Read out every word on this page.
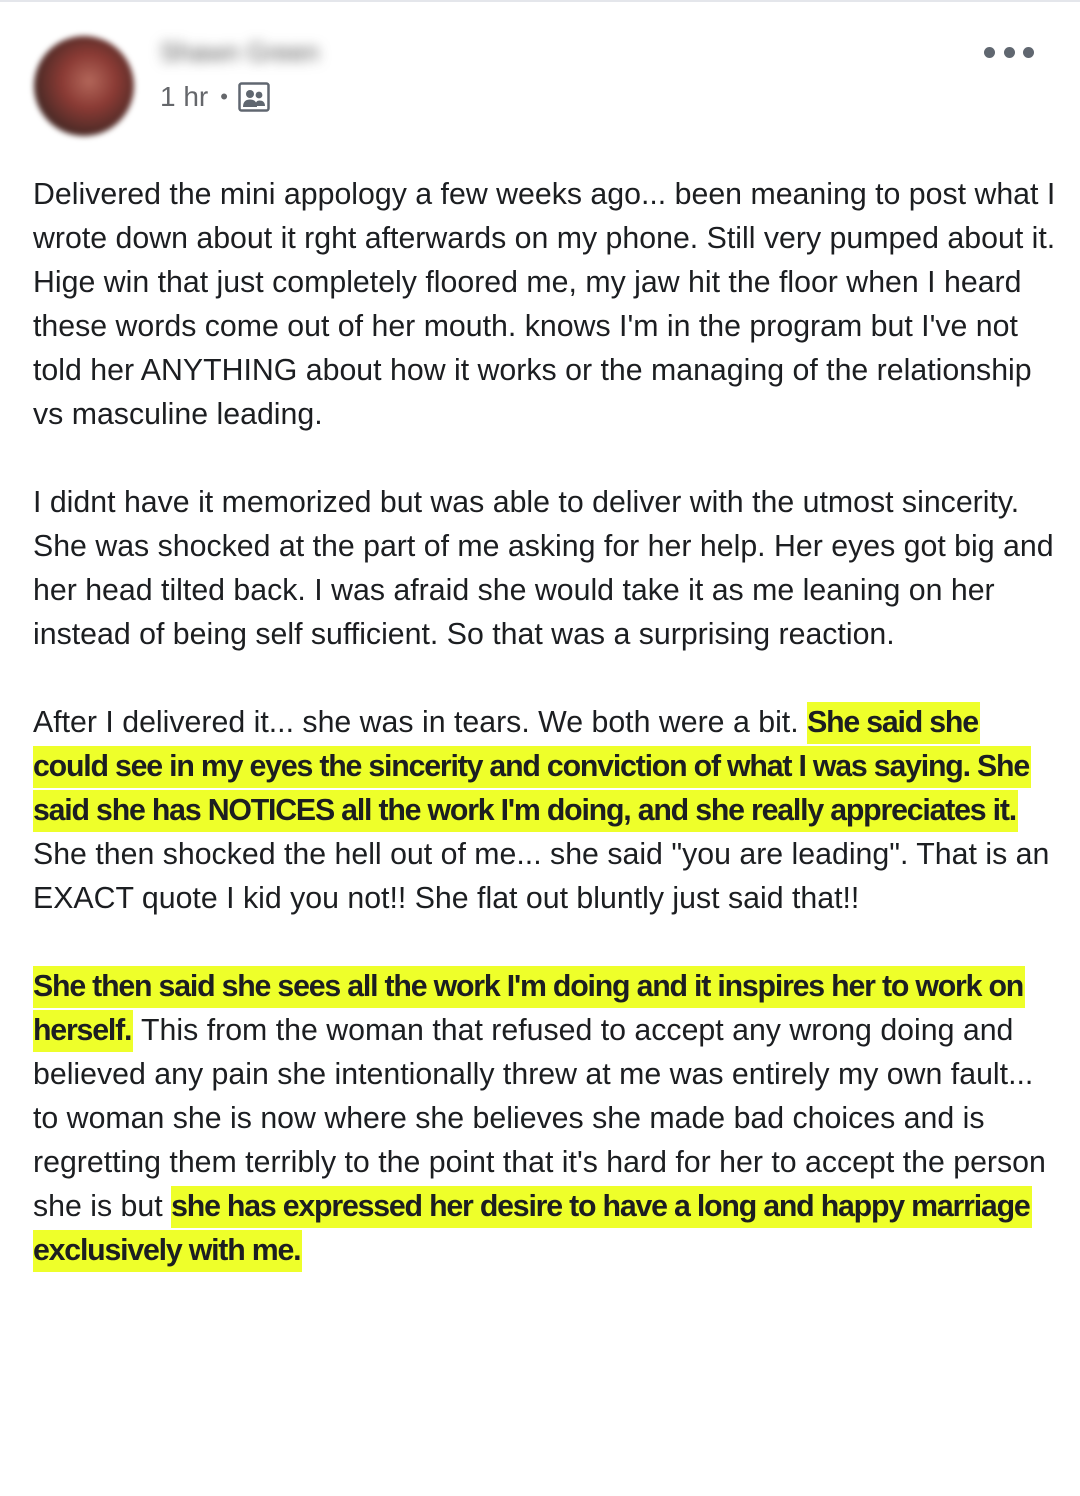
Shawn Green
1 hr •

Delivered the mini appology a few weeks ago... been meaning to post what I wrote down about it rght afterwards on my phone. Still very pumped about it. Hige win that just completely floored me, my jaw hit the floor when I heard these words come out of her mouth. knows I'm in the program but I've not told her ANYTHING about how it works or the managing of the relationship vs masculine leading.

I didnt have it memorized but was able to deliver with the utmost sincerity.

She was shocked at the part of me asking for her help. Her eyes got big and her head tilted back. I was afraid she would take it as me leaning on her instead of being self sufficient. So that was a surprising reaction.

After I delivered it... she was in tears. We both were a bit. She said she could see in my eyes the sincerity and conviction of what I was saying. She said she has NOTICES all the work I'm doing, and she really appreciates it. She then shocked the hell out of me... she said "you are leading". That is an EXACT quote I kid you not!! She flat out bluntly just said that!!

She then said she sees all the work I'm doing and it inspires her to work on herself. This from the woman that refused to accept any wrong doing and believed any pain she intentionally threw at me was entirely my own fault... to woman she is now where she believes she made bad choices and is regretting them terribly to the point that it's hard for her to accept the person she is but she has expressed her desire to have a long and happy marriage exclusively with me.
